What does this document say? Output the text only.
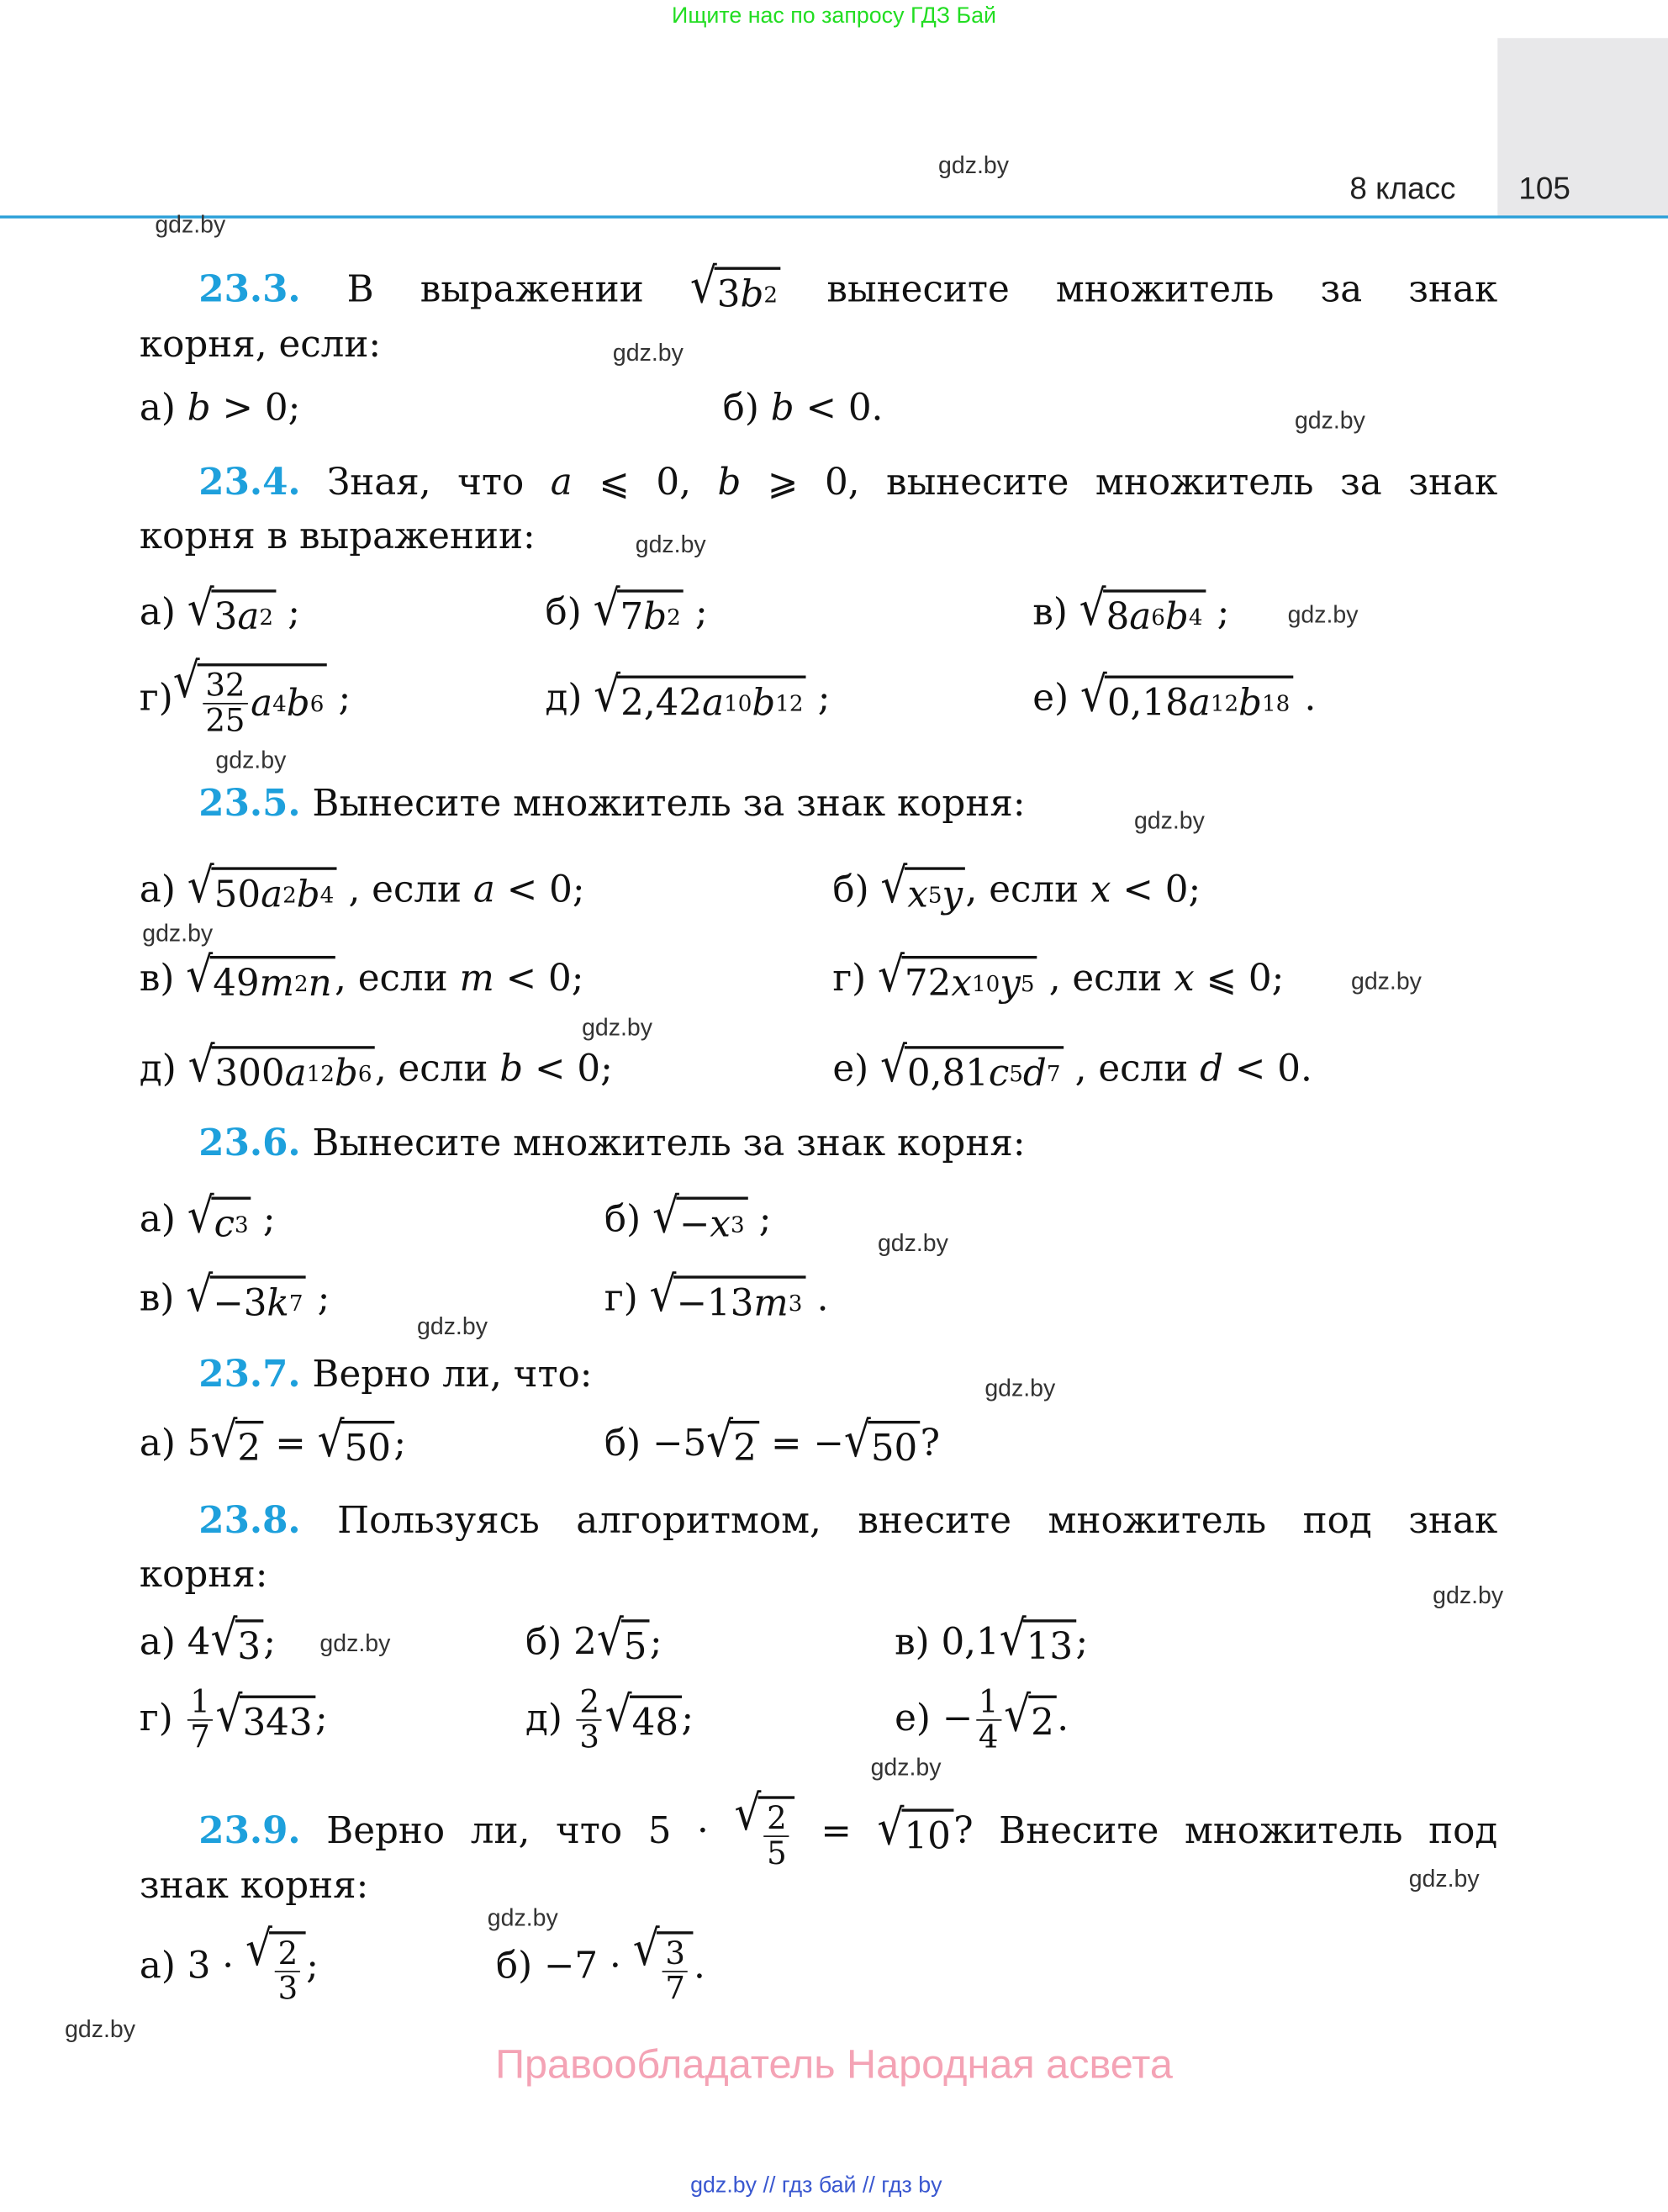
Ищите нас по запросу ГДЗ Бай
8 класс	105
gdz.by
gdz.by
gdz.by
gdz.by
gdz.by
gdz.by
gdz.by
gdz.by
gdz.by
gdz.by
gdz.by
gdz.by
gdz.by
gdz.by
gdz.by
gdz.by
gdz.by
gdz.by
gdz.by
gdz.by
23.3. В выражении √ 3 b 2 вынесите множитель за знак
корня, если:
а) b > 0;	б) b < 0.
23.4. Зная, что a ⩽ 0, b ⩾ 0, вынесите множитель за знак
корня в выражении:
а) √ 3 a 2 ;	б) √ 7 b 2 ;	в) √ 8 a 6 b 4 ;
г) √ $\frac{32}{25}$ a 4 b 6 ;	д) √ 2,42 a 10 b 12 ;	е) √ 0,18 a 12 b 18 .
23.5. Вынесите множитель за знак корня:
а) √ 50 a 2 b 4 , если a < 0;	б) √ x 5 y , если x < 0;
в) √ 49 m 2 n , если m < 0;	г) √ 72 x 10 y 5 , если x ⩽ 0;
д) √ 300 a 12 b 6 , если b < 0;	е) √ 0,81 c 5 d 7 , если d < 0.
23.6. Вынесите множитель за знак корня:
а) √ c 3 ;	б) √ − x 3 ;
в) √ −3 k 7 ;	г) √ −13 m 3 .
23.7. Верно ли, что:
а) 5 √ 2 = √ 50 ;	б) −5 √ 2 = − √ 50 ?
23.8. Пользуясь алгоритмом, внесите множитель под знак
корня:
а) 4 √ 3 ;	б) 2 √ 5 ;	в) 0,1 √ 13 ;
$г) \frac{1}{7}$ √ 343 ;	$д) \frac{2}{3}$ √ 48 ;	$е) - \frac{1}{4}$ √ 2 .
23.9. Верно ли, что 5 · √ $\frac{2}{5}$ = √ 10 ? Внесите множитель под
знак корня:
а) 3 · √ $\frac{2}{3}$ ;	б) −7 · √ $\frac{3}{7}$ .
Правообладатель Народная асвета
gdz.by // гдз бай // гдз by
